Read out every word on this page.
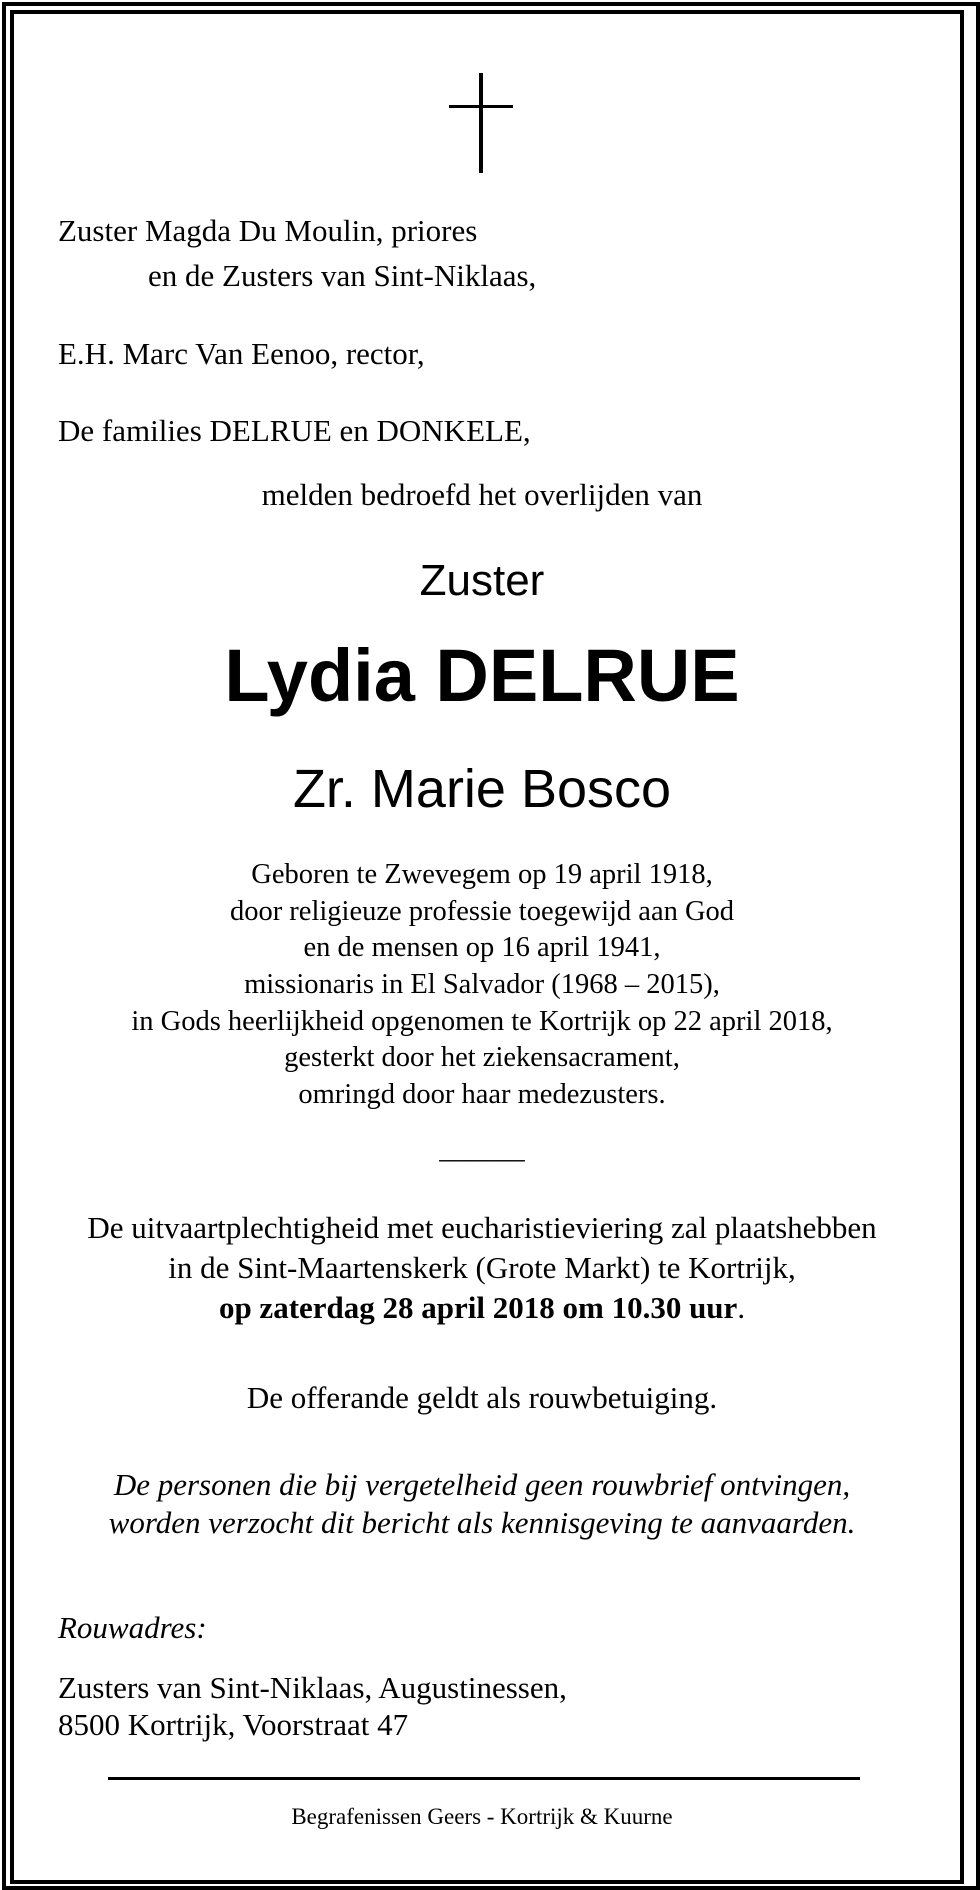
Zuster Magda Du Moulin, priores
en de Zusters van Sint-Niklaas,
E.H. Marc Van Eenoo, rector,
De families DELRUE en DONKELE,
melden bedroefd het overlijden van
Zuster
Lydia DELRUE
Zr. Marie Bosco
Geboren te Zwevegem op 19 april 1918,
door religieuze professie toegewijd aan God
en de mensen op 16 april 1941,
missionaris in El Salvador (1968 – 2015),
in Gods heerlijkheid opgenomen te Kortrijk op 22 april 2018,
gesterkt door het ziekensacrament,
omringd door haar medezusters.
______
De uitvaartplechtigheid met eucharistieviering zal plaatshebben
in de Sint-Maartenskerk (Grote Markt) te Kortrijk,
op zaterdag 28 april 2018 om 10.30 uur.
De offerande geldt als rouwbetuiging.
De personen die bij vergetelheid geen rouwbrief ontvingen,
worden verzocht dit bericht als kennisgeving te aanvaarden.
Rouwadres:
Zusters van Sint-Niklaas, Augustinessen,
8500 Kortrijk, Voorstraat 47
Begrafenissen Geers - Kortrijk & Kuurne
